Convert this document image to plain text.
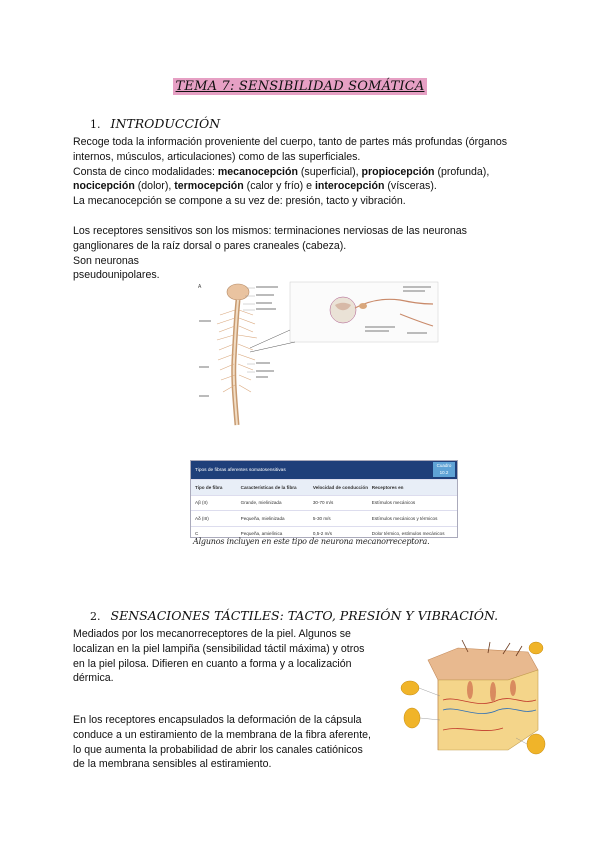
TEMA 7: SENSIBILIDAD SOMÁTICA
1. INTRODUCCIÓN
Recoge toda la información proveniente del cuerpo, tanto de partes más profundas (órganos
internos, músculos, articulaciones) como de las superficiales.
Consta de cinco modalidades: mecanocepción (superficial), propiocepción (profunda),
nocicepción (dolor), termocepción (calor y frío) e interocepción (vísceras).
La mecanocepción se compone a su vez de: presión, tacto y vibración.
Los receptores sensitivos son los mismos: terminaciones nerviosas de las neuronas
ganglionares de la raíz dorsal o pares craneales (cabeza).
Son neuronas
pseudounipolares.
A
Tipos de fibras aferentes somatosensitivas
Cuadro 10.2
Tipo de fibra	Características de la fibra	Velocidad de conducción Receptores en
Aβ (II)	Grande, mielinizada	30-70 m/s	Estímulos mecánicos
Aδ (III)	Pequeña, mielinizada	5-30 m/s	Estímulos mecánicos y térmicos
C	Pequeña, amielínica	0,5-2 m/s	Dolor térmico, estímulos mecánicos
Algunos incluyen en este tipo de neurona mecanorreceptora.
2. SENSACIONES TÁCTILES: TACTO, PRESIÓN Y VIBRACIÓN.
Mediados por los mecanorreceptores de la piel. Algunos se
localizan en la piel lampiña (sensibilidad táctil máxima) y otros
en la piel pilosa. Difieren en cuanto a forma y a localización
dérmica.
En los receptores encapsulados la deformación de la cápsula
conduce a un estiramiento de la membrana de la fibra aferente,
lo que aumenta la probabilidad de abrir los canales catiónicos
de la membrana sensibles al estiramiento.
